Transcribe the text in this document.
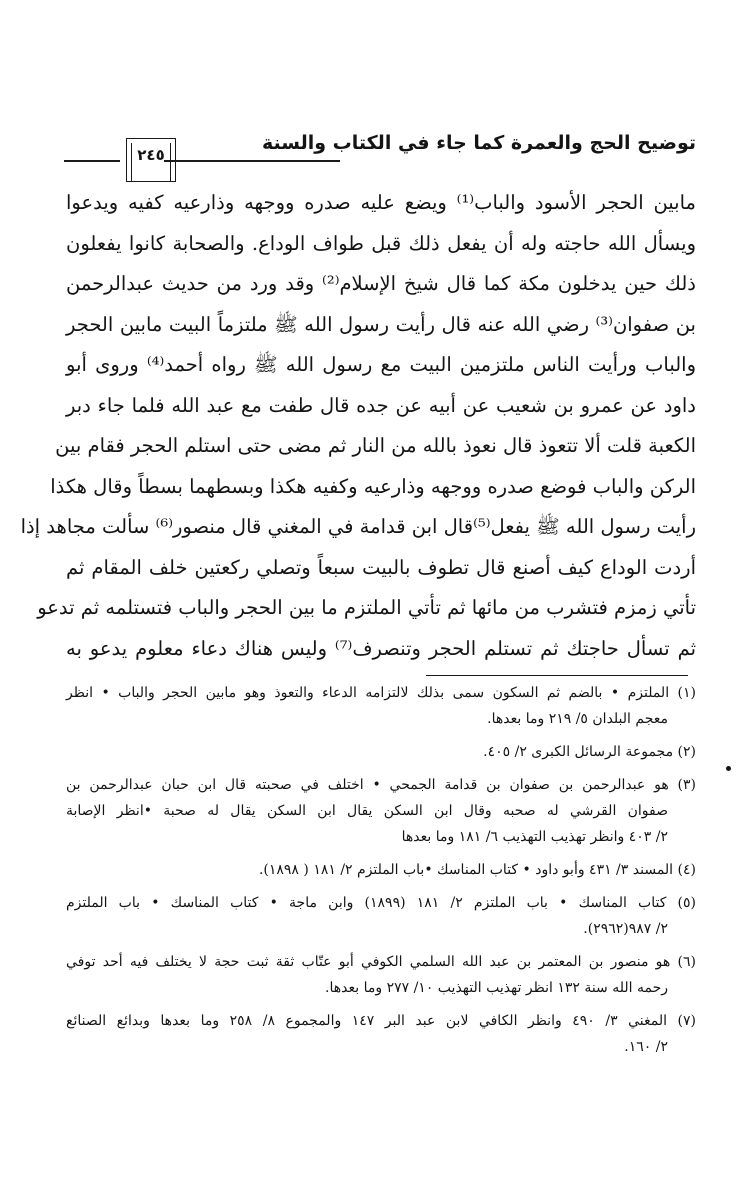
توضيح الحج والعمرة كما جاء في الكتاب والسنة
٢٤٥
مابين الحجر الأسود والباب⁽¹⁾ ويضع عليه صدره ووجهه وذارعيه كفيه ويدعوا
ويسأل الله حاجته وله أن يفعل ذلك قبل طواف الوداع. والصحابة كانوا يفعلون
ذلك حين يدخلون مكة كما قال شيخ الإسلام⁽²⁾ وقد ورد من حديث عبدالرحمن
بن صفوان⁽³⁾ رضي الله عنه قال رأيت رسول الله ﷺ ملتزماً البيت مابين الحجر
والباب ورأيت الناس ملتزمين البيت مع رسول الله ﷺ رواه أحمد⁽⁴⁾ وروى أبو
داود عن عمرو بن شعيب عن أبيه عن جده قال طفت مع عبد الله فلما جاء دبر
الكعبة قلت ألا تتعوذ قال نعوذ بالله من النار ثم مضى حتى استلم الحجر فقام بين
الركن والباب فوضع صدره ووجهه وذارعيه وكفيه هكذا وبسطهما بسطاً وقال هكذا
رأيت رسول الله ﷺ يفعل⁽⁵⁾قال ابن قدامة في المغني قال منصور⁽⁶⁾ سألت مجاهد إذا
أردت الوداع كيف أصنع قال تطوف بالبيت سبعاً وتصلي ركعتين خلف المقام ثم
تأتي زمزم فتشرب من مائها ثم تأتي الملتزم ما بين الحجر والباب فتستلمه ثم تدعو
ثم تسأل حاجتك ثم تستلم الحجر وتنصرف⁽⁷⁾ وليس هناك دعاء معلوم يدعو به
(١) الملتزم • بالضم ثم السكون سمى بذلك لالتزامه الدعاء والتعوذ وهو مابين الحجر والباب • انظر
معجم البلدان ٥/ ٢١٩ وما بعدها.
(٢) مجموعة الرسائل الكبرى ٢/ ٤٠٥.
(٣) هو عبدالرحمن بن صفوان بن قدامة الجمحي • اختلف في صحبته قال ابن حبان عبدالرحمن بن
صفوان القرشي له صحبه وقال ابن السكن يقال ابن السكن يقال له صحبة •انظر الإصابة
٢/ ٤٠٣ وانظر تهذيب التهذيب ٦/ ١٨١ وما بعدها
(٤) المسند ٣/ ٤٣١ وأبو داود • كتاب المناسك •باب الملتزم ٢/ ١٨١ ( ١٨٩٨).
(٥) كتاب المناسك • باب الملتزم ٢/ ١٨١ (١٨٩٩) وابن ماجة • كتاب المناسك • باب الملتزم
٢/ ٩٨٧(٢٩٦٢).
(٦) هو منصور بن المعتمر بن عبد الله السلمي الكوفي أبو عتّاب ثقة ثبت حجة لا يختلف فيه أحد توفي
رحمه الله سنة ١٣٢ انظر تهذيب التهذيب ١٠/ ٢٧٧ وما بعدها.
(٧) المغني ٣/ ٤٩٠ وانظر الكافي لابن عبد البر ١٤٧ والمجموع ٨/ ٢٥٨ وما بعدها وبدائع الصنائع
٢/ ١٦٠.
